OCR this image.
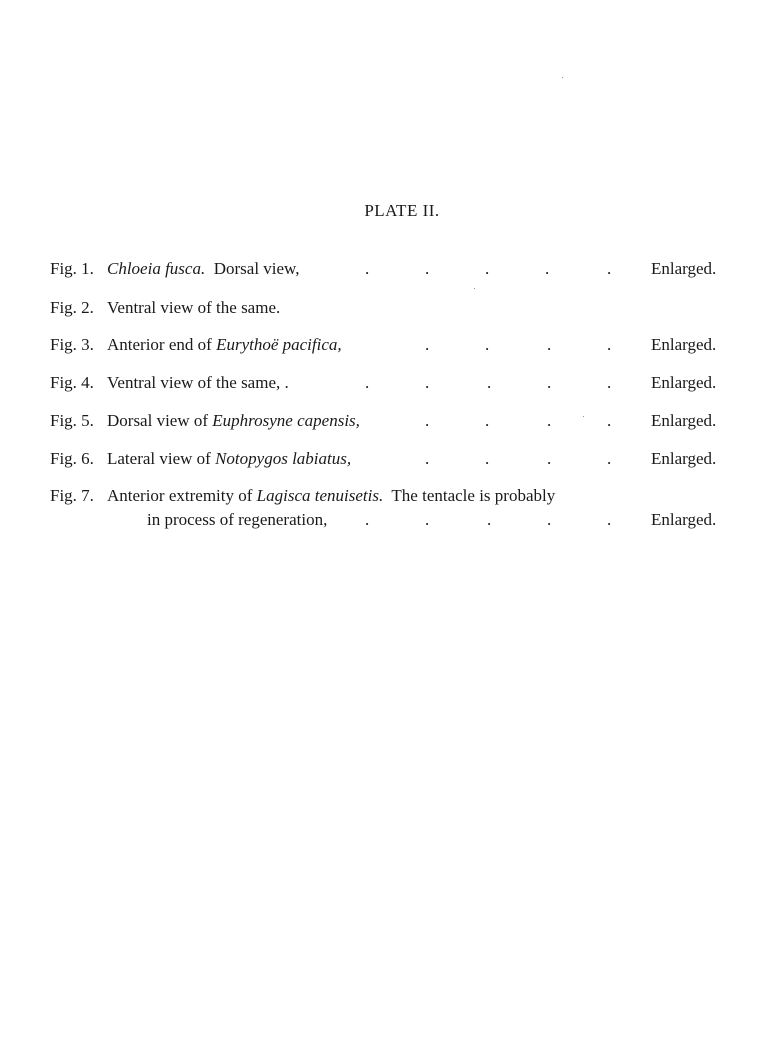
PLATE II.
Fig. 1. Chloeia fusca.  Dorsal view,	.	.	.	.	. Enlarged.
Fig. 2. Ventral view of the same.
Fig. 3. Anterior end of Eurythoë pacifica,	.	.	.	. Enlarged.
Fig. 4. Ventral view of the same, .	.	.	.	.	. Enlarged.
Fig. 5. Dorsal view of Euphrosyne capensis,	.	.	.	. Enlarged.
Fig. 6. Lateral view of Notopygos labiatus,	.	.	.	. Enlarged.
Fig. 7. Anterior extremity of Lagisca tenuisetis.  The tentacle is probably
in process of regeneration, .	.	.	.	. Enlarged.
